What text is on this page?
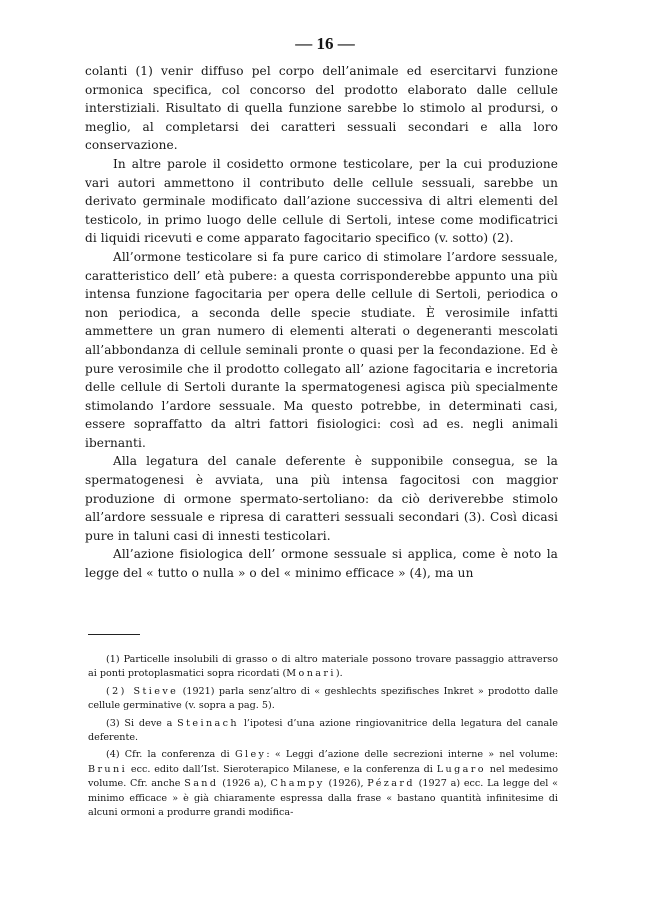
— 16 —

colanti (1) venir diffuso pel corpo dell’animale ed esercitarvi funzione ormonica specifica, col concorso del prodotto elaborato dalle cellule interstiziali. Risultato di quella funzione sarebbe lo stimolo al prodursi, o meglio, al completarsi dei caratteri sessuali secondari e alla loro conservazione.

In altre parole il cosidetto ormone testicolare, per la cui produzione vari autori ammettono il contributo delle cellule sessuali, sarebbe un derivato germinale modificato dall’azione successiva di altri elementi del testicolo, in primo luogo delle cellule di Sertoli, intese come modificatrici di liquidi ricevuti e come apparato fagocitario specifico (v. sotto) (2).

All’ormone testicolare si fa pure carico di stimolare l’ardore sessuale, caratteristico dell’ età pubere: a questa corrisponderebbe appunto una più intensa funzione fagocitaria per opera delle cellule di Sertoli, periodica o non periodica, a seconda delle specie studiate. È verosimile infatti ammettere un gran numero di elementi alterati o degeneranti mescolati all’abbondanza di cellule seminali pronte o quasi per la fecondazione. Ed è pure verosimile che il prodotto collegato all’ azione fagocitaria e incretoria delle cellule di Sertoli durante la spermatogenesi agisca più specialmente stimolando l’ardore sessuale. Ma questo potrebbe, in determinati casi, essere sopraffatto da altri fattori fisiologici: così ad es. negli animali ibernanti.

Alla legatura del canale deferente è supponibile consegua, se la spermatogenesi è avviata, una più intensa fagocitosi con maggior produzione di ormone spermato-sertoliano: da ciò deriverebbe stimolo all’ardore sessuale e ripresa di caratteri sessuali secondari (3). Così dicasi pure in taluni casi di innesti testicolari.

All’azione fisiologica dell’ ormone sessuale si applica, come è noto la legge del « tutto o nulla » o del « minimo efficace » (4), ma un

(1) Particelle insolubili di grasso o di altro materiale possono trovare passaggio attraverso ai ponti protoplasmatici sopra ricordati (Monari).

(2) Stieve (1921) parla senz’altro di « geshlechts spezifisches Inkret » prodotto dalle cellule germinative (v. sopra a pag. 5).

(3) Si deve a Steinach l’ipotesi d’una azione ringiovanitrice della legatura del canale deferente.

(4) Cfr. la conferenza di Gley: « Leggi d’azione delle secrezioni interne » nel volume: Bruni ecc. edito dall’Ist. Sieroterapico Milanese, e la conferenza di Lugaro nel medesimo volume. Cfr. anche Sand (1926 a), Champy (1926), Pézard (1927 a) ecc. La legge del « minimo efficace » è già chiaramente espressa dalla frase « bastano quantità infinitesime di alcuni ormoni a produrre grandi modifica-
